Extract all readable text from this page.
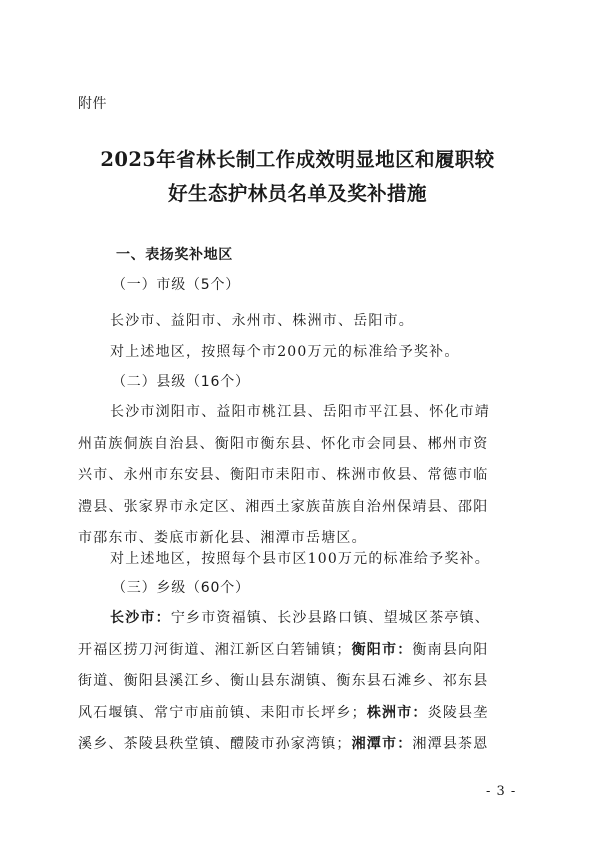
附件
2025年省林长制工作成效明显地区和履职较
好生态护林员名单及奖补措施
一、表扬奖补地区
（一）市级（5个）
长沙市、益阳市、永州市、株洲市、岳阳市。
对上述地区，按照每个市200万元的标准给予奖补。
（二）县级（16个）
长沙市浏阳市、益阳市桃江县、岳阳市平江县、怀化市靖
州苗族侗族自治县、衡阳市衡东县、怀化市会同县、郴州市资
兴市、永州市东安县、衡阳市耒阳市、株洲市攸县、常德市临
澧县、张家界市永定区、湘西土家族苗族自治州保靖县、邵阳
市邵东市、娄底市新化县、湘潭市岳塘区。
对上述地区，按照每个县市区100万元的标准给予奖补。
（三）乡级（60个）
长沙市：宁乡市资福镇、长沙县路口镇、望城区茶亭镇、
开福区捞刀河街道、湘江新区白箬铺镇；衡阳市：衡南县向阳
街道、衡阳县溪江乡、衡山县东湖镇、衡东县石滩乡、祁东县
风石堰镇、常宁市庙前镇、耒阳市长坪乡；株洲市：炎陵县垄
溪乡、茶陵县秩堂镇、醴陵市孙家湾镇；湘潭市：湘潭县茶恩
- 3 -
